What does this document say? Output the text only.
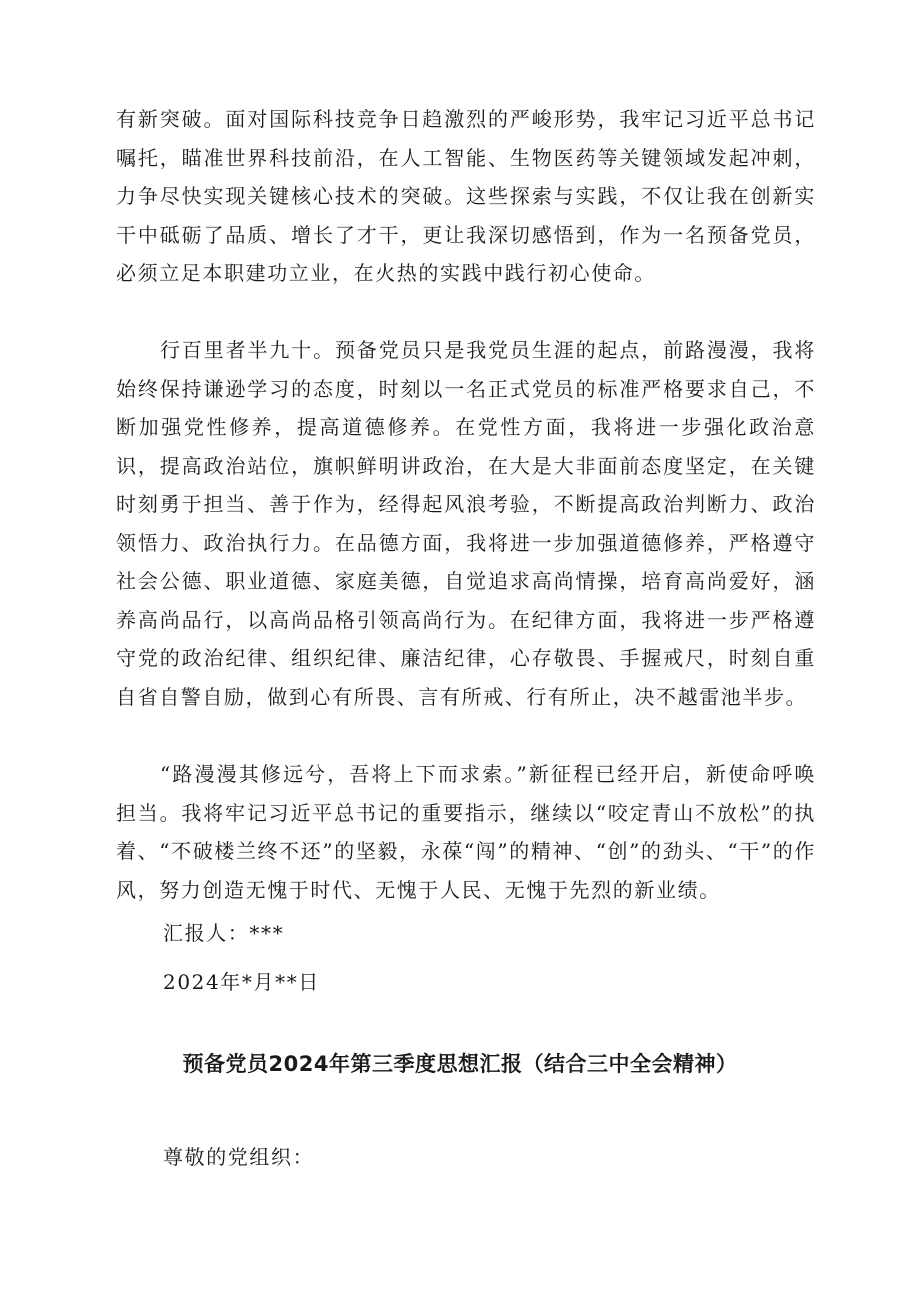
有新突破。面对国际科技竞争日趋激烈的严峻形势，我牢记习近平总书记嘱托，瞄准世界科技前沿，在人工智能、生物医药等关键领域发起冲刺，力争尽快实现关键核心技术的突破。这些探索与实践，不仅让我在创新实干中砥砺了品质、增长了才干，更让我深切感悟到，作为一名预备党员，必须立足本职建功立业，在火热的实践中践行初心使命。

行百里者半九十。预备党员只是我党员生涯的起点，前路漫漫，我将始终保持谦逊学习的态度，时刻以一名正式党员的标准严格要求自己，不断加强党性修养，提高道德修养。在党性方面，我将进一步强化政治意识，提高政治站位，旗帜鲜明讲政治，在大是大非面前态度坚定，在关键时刻勇于担当、善于作为，经得起风浪考验，不断提高政治判断力、政治领悟力、政治执行力。在品德方面，我将进一步加强道德修养，严格遵守社会公德、职业道德、家庭美德，自觉追求高尚情操，培育高尚爱好，涵养高尚品行，以高尚品格引领高尚行为。在纪律方面，我将进一步严格遵守党的政治纪律、组织纪律、廉洁纪律，心存敬畏、手握戒尺，时刻自重自省自警自励，做到心有所畏、言有所戒、行有所止，决不越雷池半步。

“路漫漫其修远兮，吾将上下而求索。”新征程已经开启，新使命呼唤担当。我将牢记习近平总书记的重要指示，继续以“咬定青山不放松”的执着、“不破楼兰终不还”的坚毅，永葆“闯”的精神、“创”的劲头、“干”的作风，努力创造无愧于时代、无愧于人民、无愧于先烈的新业绩。

汇报人：***

2024年*月**日

预备党员2024年第三季度思想汇报（结合三中全会精神）

尊敬的党组织：
